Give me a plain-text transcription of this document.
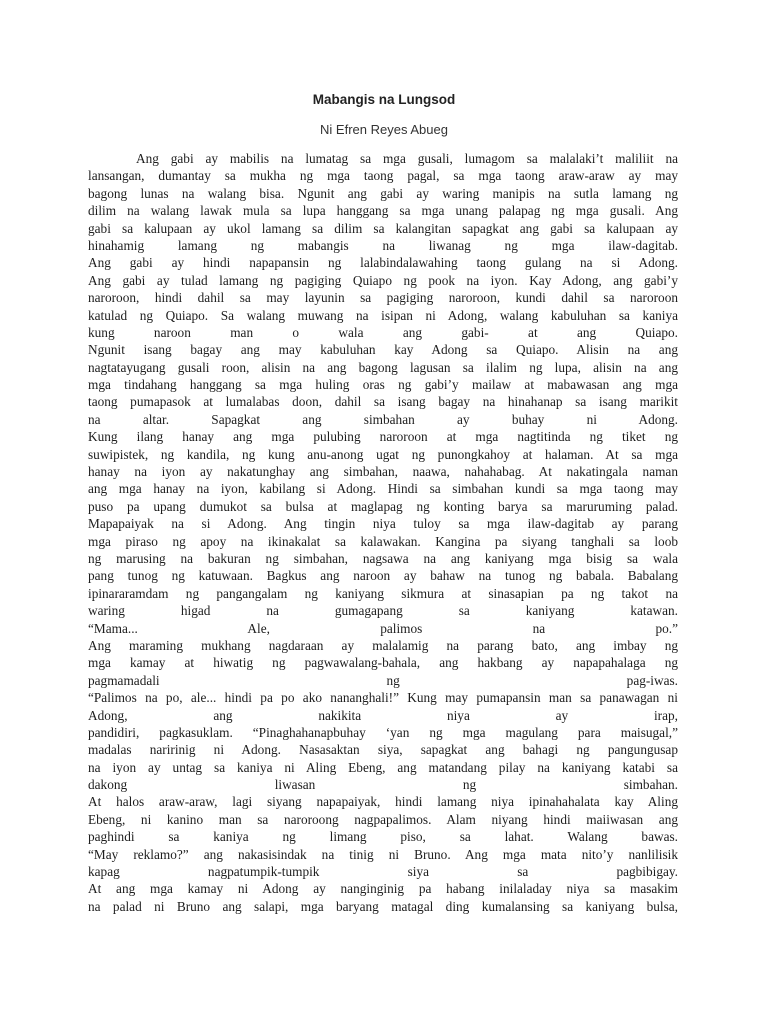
Mabangis na Lungsod
Ni Efren Reyes Abueg
Ang gabi ay mabilis na lumatag sa mga gusali, lumagom sa malalaki’t maliliit na
lansangan, dumantay sa mukha ng mga taong pagal, sa mga taong araw-araw ay may
bagong lunas na walang bisa. Ngunit ang gabi ay waring manipis na sutla lamang ng
dilim na walang lawak mula sa lupa hanggang sa mga unang palapag ng mga gusali. Ang
gabi sa kalupaan ay ukol lamang sa dilim sa kalangitan sapagkat ang gabi sa kalupaan ay
hinahamig lamang ng mabangis na liwanag ng mga ilaw-dagitab.
Ang gabi ay hindi napapansin ng lalabindalawahing taong gulang na si Adong.
Ang gabi ay tulad lamang ng pagiging Quiapo ng pook na iyon. Kay Adong, ang gabi’y
naroroon, hindi dahil sa may layunin sa pagiging naroroon, kundi dahil sa naroroon
katulad ng Quiapo. Sa walang muwang na isipan ni Adong, walang kabuluhan sa kaniya
kung naroon man o wala ang gabi- at ang Quiapo.
Ngunit isang bagay ang may kabuluhan kay Adong sa Quiapo. Alisin na ang
nagtatayugang gusali roon, alisin na ang bagong lagusan sa ilalim ng lupa, alisin na ang
mga tindahang hanggang sa mga huling oras ng gabi’y mailaw at mabawasan ang mga
taong pumapasok at lumalabas doon, dahil sa isang bagay na hinahanap sa isang marikit
na altar. Sapagkat ang simbahan ay buhay ni Adong.
Kung ilang hanay ang mga pulubing naroroon at mga nagtitinda ng tiket ng
suwipistek, ng kandila, ng kung anu-anong ugat ng punongkahoy at halaman. At sa mga
hanay na iyon ay nakatunghay ang simbahan, naawa, nahahabag. At nakatingala naman
ang mga hanay na iyon, kabilang si Adong. Hindi sa simbahan kundi sa mga taong may
puso pa upang dumukot sa bulsa at maglapag ng konting barya sa maruruming palad.
Mapapaiyak na si Adong. Ang tingin niya tuloy sa mga ilaw-dagitab ay parang
mga piraso ng apoy na ikinakalat sa kalawakan. Kangina pa siyang tanghali sa loob
ng marusing na bakuran ng simbahan, nagsawa na ang kaniyang mga bisig sa wala
pang tunog ng katuwaan. Bagkus ang naroon ay bahaw na tunog ng babala. Babalang
ipinararamdam ng pangangalam ng kaniyang sikmura at sinasapian pa ng takot na
waring higad na gumagapang sa kaniyang katawan.
“Mama... Ale, palimos na po.”
Ang maraming mukhang nagdaraan ay malalamig na parang bato, ang imbay ng
mga kamay at hiwatig ng pagwawalang-bahala, ang hakbang ay napapahalaga ng
pagmamadali ng pag-iwas.
“Palimos na po, ale... hindi pa po ako nananghali!” Kung may pumapansin man sa panawagan ni
Adong, ang nakikita niya ay irap,
pandidiri, pagkasuklam. “Pinaghahanapbuhay ‘yan ng mga magulang para maisugal,”
madalas naririnig ni Adong. Nasasaktan siya, sapagkat ang bahagi ng pangungusap
na iyon ay untag sa kaniya ni Aling Ebeng, ang matandang pilay na kaniyang katabi sa
dakong liwasan ng simbahan.
At halos araw-araw, lagi siyang napapaiyak, hindi lamang niya ipinahahalata kay Aling
Ebeng, ni kanino man sa naroroong nagpapalimos. Alam niyang hindi maiiwasan ang
paghindi sa kaniya ng limang piso, sa lahat. Walang bawas.
“May reklamo?” ang nakasisindak na tinig ni Bruno. Ang mga mata nito’y nanlilisik
kapag nagpatumpik-tumpik siya sa pagbibigay.
At ang mga kamay ni Adong ay nanginginig pa habang inilaladay niya sa masakim
na palad ni Bruno ang salapi, mga baryang matagal ding kumalansing sa kaniyang bulsa,
